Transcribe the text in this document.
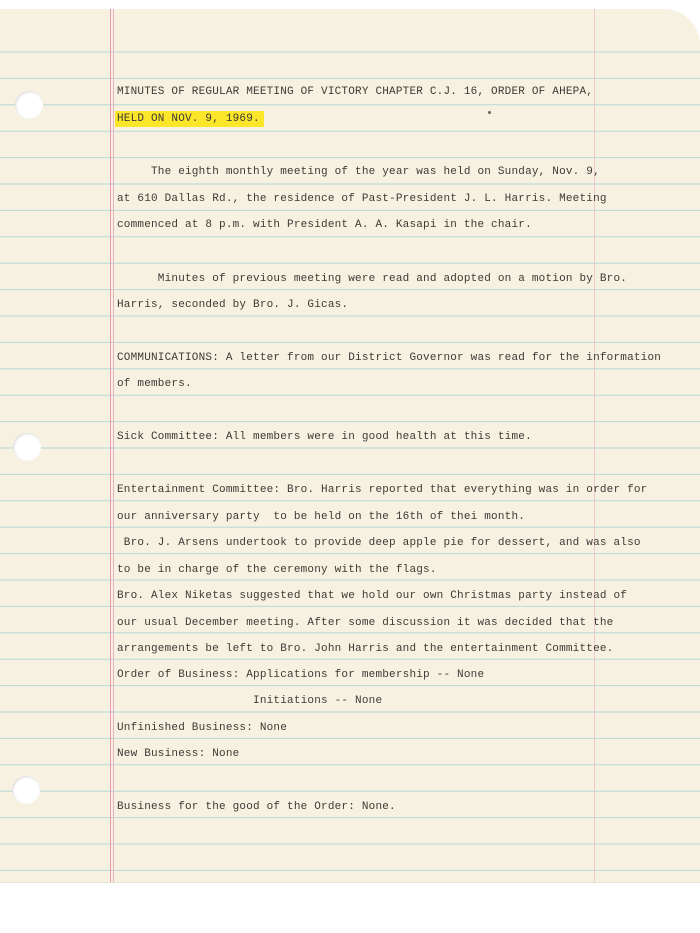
MINUTES OF REGULAR MEETING OF VICTORY CHAPTER C.J. 16, ORDER OF AHEPA,
HELD ON NOV. 9, 1969.
The eighth monthly meeting of the year was held on Sunday, Nov. 9,
at 610 Dallas Rd., the residence of Past-President J. L. Harris. Meeting
commenced at 8 p.m. with President A. A. Kasapi in the chair.
Minutes of previous meeting were read and adopted on a motion by Bro.
Harris, seconded by Bro. J. Gicas.
COMMUNICATIONS: A letter from our District Governor was read for the information
of members.
Sick Committee: All members were in good health at this time.
Entertainment Committee: Bro. Harris reported that everything was in order for
our anniversary party  to be held on the 16th of thei month.
Bro. J. Arsens undertook to provide deep apple pie for dessert, and was also
to be in charge of the ceremony with the flags.
Bro. Alex Niketas suggested that we hold our own Christmas party instead of
our usual December meeting. After some discussion it was decided that the
arrangements be left to Bro. John Harris and the entertainment Committee.
Order of Business: Applications for membership -- None
Initiations -- None
Unfinished Business: None
New Business: None
Business for the good of the Order: None.
